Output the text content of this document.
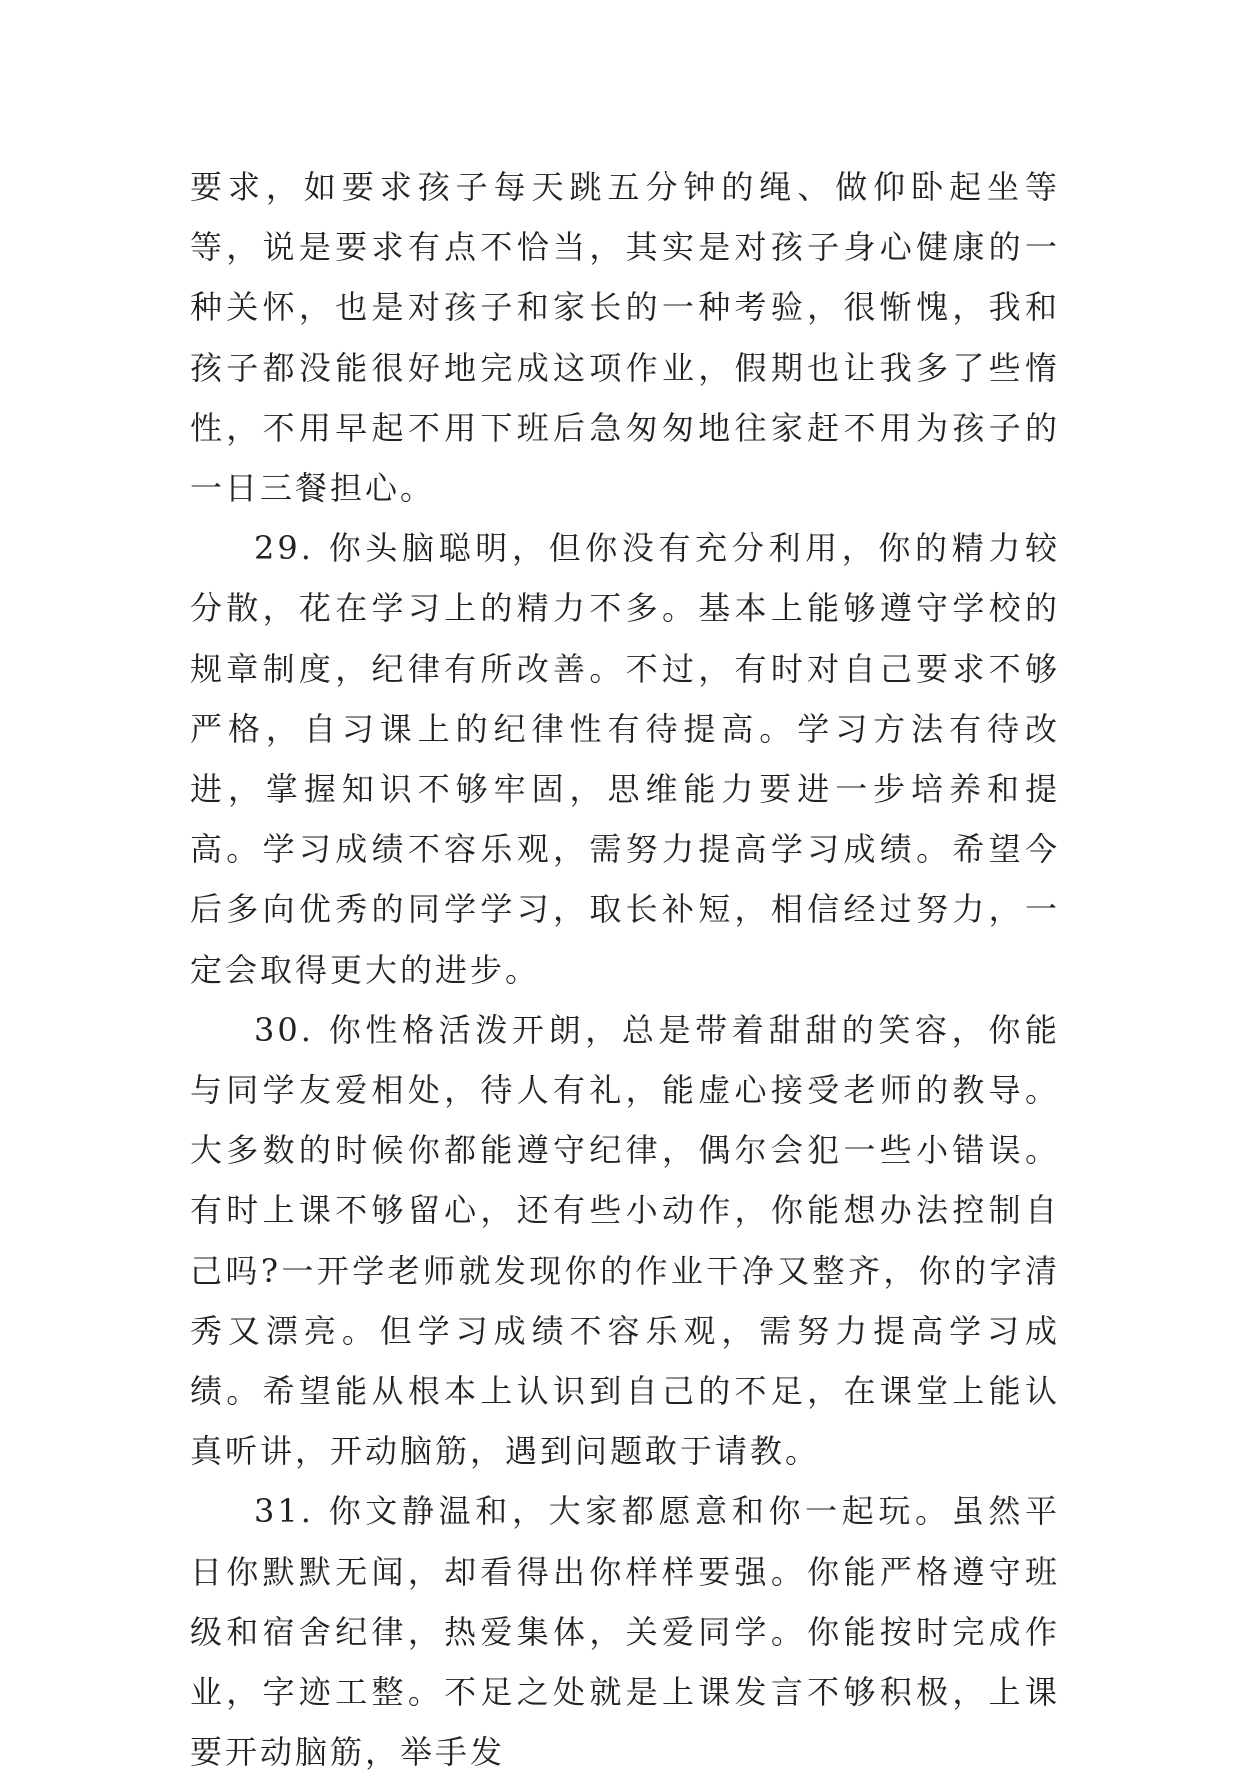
要求，如要求孩子每天跳五分钟的绳、做仰卧起坐等等，说是要求有点不恰当，其实是对孩子身心健康的一种关怀，也是对孩子和家长的一种考验，很惭愧，我和孩子都没能很好地完成这项作业，假期也让我多了些惰性，不用早起不用下班后急匆匆地往家赶不用为孩子的一日三餐担心。

29. 你头脑聪明，但你没有充分利用，你的精力较分散，花在学习上的精力不多。基本上能够遵守学校的规章制度，纪律有所改善。不过，有时对自己要求不够严格，自习课上的纪律性有待提高。学习方法有待改进，掌握知识不够牢固，思维能力要进一步培养和提高。学习成绩不容乐观，需努力提高学习成绩。希望今后多向优秀的同学学习，取长补短，相信经过努力，一定会取得更大的进步。

30. 你性格活泼开朗，总是带着甜甜的笑容，你能与同学友爱相处，待人有礼，能虚心接受老师的教导。大多数的时候你都能遵守纪律，偶尔会犯一些小错误。有时上课不够留心，还有些小动作，你能想办法控制自己吗?一开学老师就发现你的作业干净又整齐，你的字清秀又漂亮。但学习成绩不容乐观，需努力提高学习成绩。希望能从根本上认识到自己的不足，在课堂上能认真听讲，开动脑筋，遇到问题敢于请教。

31. 你文静温和，大家都愿意和你一起玩。虽然平日你默默无闻，却看得出你样样要强。你能严格遵守班级和宿舍纪律，热爱集体，关爱同学。你能按时完成作业，字迹工整。不足之处就是上课发言不够积极，上课要开动脑筋，举手发
